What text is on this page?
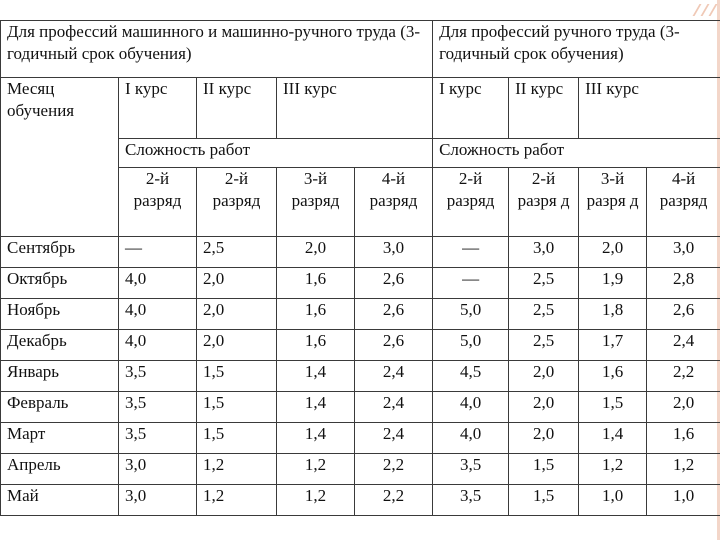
Для профессий машинного и машинно-ручного труда (3-годичный срок обучения)					Для профессий ручного труда (3-годичный срок обучения)			
Месяц обучения	I курс	II курс	III курс		I курс	II курс	III курс	
	Сложность работ				Сложность работ			
	2-й разряд	2-й разряд	3-й разряд	4-й разряд	2-й разряд	2-й разря д	3-й разря д	4-й разряд
Сентябрь	—	2,5	2,0	3,0	—	3,0	2,0	3,0
Октябрь	4,0	2,0	1,6	2,6	—	2,5	1,9	2,8
Ноябрь	4,0	2,0	1,6	2,6	5,0	2,5	1,8	2,6
Декабрь	4,0	2,0	1,6	2,6	5,0	2,5	1,7	2,4
Январь	3,5	1,5	1,4	2,4	4,5	2,0	1,6	2,2
Февраль	3,5	1,5	1,4	2,4	4,0	2,0	1,5	2,0
Март	3,5	1,5	1,4	2,4	4,0	2,0	1,4	1,6
Апрель	3,0	1,2	1,2	2,2	3,5	1,5	1,2	1,2
Май	3,0	1,2	1,2	2,2	3,5	1,5	1,0	1,0
